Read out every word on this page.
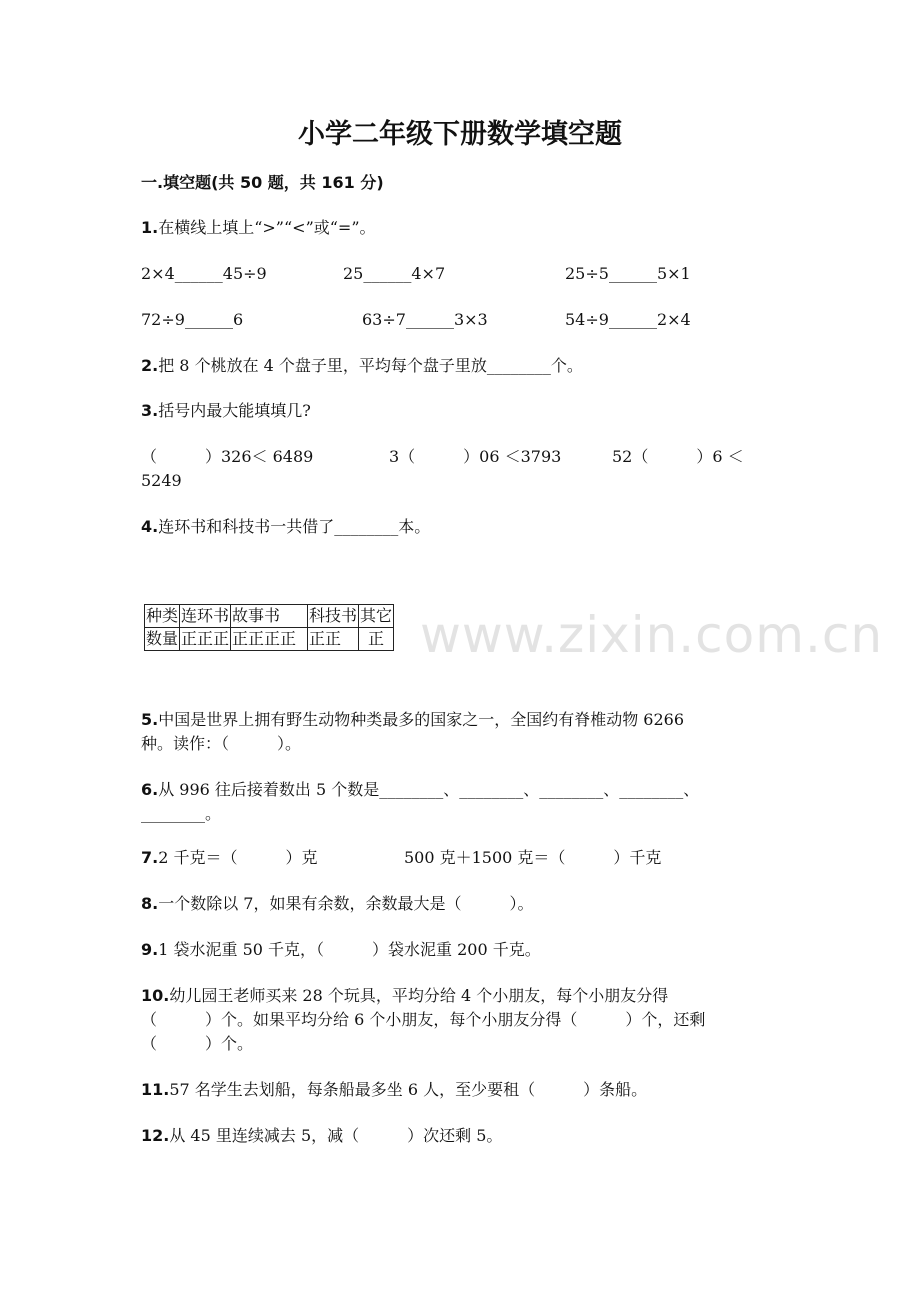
小学二年级下册数学填空题
一.填空题(共 50 题，共 161 分)
1.在横线上填上“>”“<”或“=”。
2×4______45÷9	25______4×7	25÷5______5×1
72÷9______6	63÷7______3×3	54÷9______2×4
2.把 8 个桃放在 4 个盘子里，平均每个盘子里放________个。
3.括号内最大能填填几?
（　　　）326＜ 6489	3（　　　）06 ＜3793	52（　　　）6 ＜
5249
4.连环书和科技书一共借了________本。
www.zixin.com.cn
种类	连环书	故事书	科技书	其它
数量	正正正	正正正正	正正	正
5.中国是世界上拥有野生动物种类最多的国家之一，全国约有脊椎动物 6266
种。读作：（　　　）。
6.从 996 往后接着数出 5 个数是________、________、________、________、
________。
7.2 千克＝（　　　）克	500 克＋1500 克＝（　　　）千克
8.一个数除以 7，如果有余数，余数最大是（　　　）。
9.1 袋水泥重 50 千克，（　　　）袋水泥重 200 千克。
10.幼儿园王老师买来 28 个玩具，平均分给 4 个小朋友，每个小朋友分得
（　　　）个。如果平均分给 6 个小朋友，每个小朋友分得（　　　）个，还剩
（　　　）个。
11.57 名学生去划船，每条船最多坐 6 人，至少要租（　　　）条船。
12.从 45 里连续减去 5，减（　　　）次还剩 5。
